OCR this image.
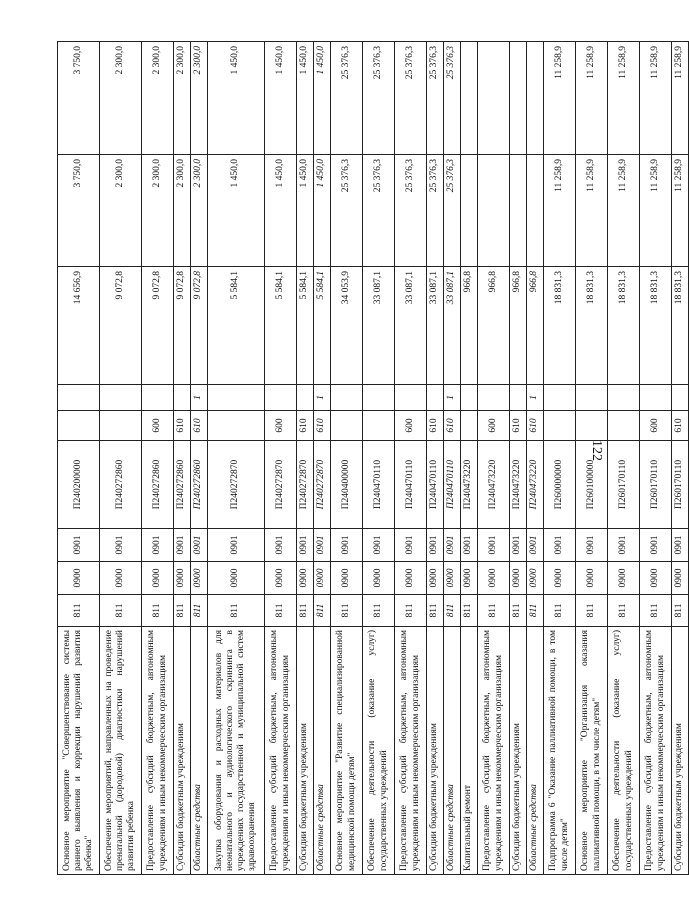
122
Основное мероприятие "Совершенствование системы раннего выявления и коррекции нарушений развития ребенка"	811	0900	0901	П240200000			14 656,9	3 750,0	3 750,0
Обеспечение мероприятий, направленных на проведение пренатальной (дородовой) диагностики нарушений развития ребенка	811	0900	0901	П240272860			9 072,8	2 300,0	2 300,0
Предоставление субсидий бюджетным, автономным учреждениям и иным некоммерческим организациям	811	0900	0901	П240272860	600		9 072,8	2 300,0	2 300,0
Субсидии бюджетным учреждениям	811	0900	0901	П240272860	610		9 072,8	2 300,0	2 300,0
Областные средства	811	0900	0901	П240272860	610	1	9 072,8	2 300,0	2 300,0
Закупка оборудования и расходных материалов для неонатального и аудиологического скрининга в учреждениях государственной и муниципальной систем здравоохранения	811	0900	0901	П240272870			5 584,1	1 450,0	1 450,0
Предоставление субсидий бюджетным, автономным учреждениям и иным некоммерческим организациям	811	0900	0901	П240272870	600		5 584,1	1 450,0	1 450,0
Субсидии бюджетным учреждениям	811	0900	0901	П240272870	610		5 584,1	1 450,0	1 450,0
Областные средства	811	0900	0901	П240272870	610	1	5 584,1	1 450,0	1 450,0
Основное мероприятие "Развитие специализированной медицинской помощи детям"	811	0900	0901	П240400000			34 053,9	25 376,3	25 376,3
Обеспечение деятельности (оказание услуг) государственных учреждений	811	0900	0901	П240470110			33 087,1	25 376,3	25 376,3
Предоставление субсидий бюджетным, автономным учреждениям и иным некоммерческим организациям	811	0900	0901	П240470110	600		33 087,1	25 376,3	25 376,3
Субсидии бюджетным учреждениям	811	0900	0901	П240470110	610		33 087,1	25 376,3	25 376,3
Областные средства	811	0900	0901	П240470110	610	1	33 087,1	25 376,3	25 376,3
Капитальный ремонт	811	0900	0901	П240473220			966,8		
Предоставление субсидий бюджетным, автономным учреждениям и иным некоммерческим организациям	811	0900	0901	П240473220	600		966,8		
Субсидии бюджетным учреждениям	811	0900	0901	П240473220	610		966,8		
Областные средства	811	0900	0901	П240473220	610	1	966,8		
Подпрограмма 6 "Оказание паллиативной помощи, в том числе детям"	811	0900	0901	П260000000			18 831,3	11 258,9	11 258,9
Основное мероприятие "Организация оказания паллиативной помощи, в том числе детям"	811	0900	0901	П260100000			18 831,3	11 258,9	11 258,9
Обеспечение деятельности (оказание услуг) государственных учреждений	811	0900	0901	П260170110			18 831,3	11 258,9	11 258,9
Предоставление субсидий бюджетным, автономным учреждениям и иным некоммерческим организациям	811	0900	0901	П260170110	600		18 831,3	11 258,9	11 258,9
Субсидии бюджетным учреждениям	811	0900	0901	П260170110	610		18 831,3	11 258,9	11 258,9
